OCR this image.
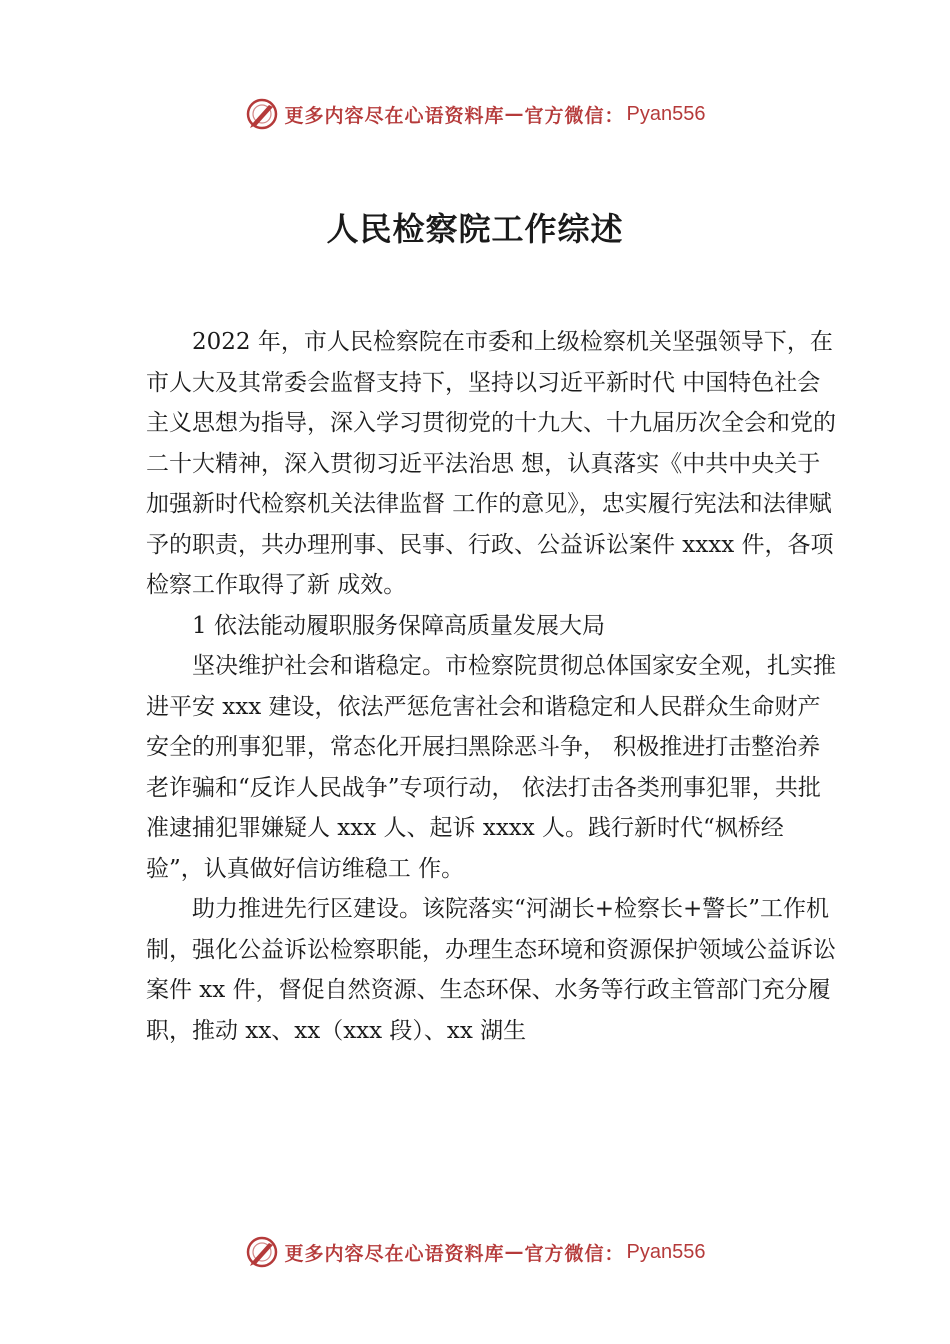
更多内容尽在心语资料库 — 官方微信： Pyan556
人民检察院工作综述

2022 年，市人民检察院在市委和上级检察机关坚强领导下，在市人大及其常委会监督支持下，坚持以习近平新时代 中国特色社会主义思想为指导，深入学习贯彻党的十九大、十九届历次全会和党的二十大精神，深入贯彻习近平法治思 想，认真落实《中共中央关于加强新时代检察机关法律监督 工作的意见》，忠实履行宪法和法律赋予的职责，共办理刑事、民事、行政、公益诉讼案件 xxxx 件，各项检察工作取得了新 成效。

1 依法能动履职服务保障高质量发展大局

坚决维护社会和谐稳定。市检察院贯彻总体国家安全观，扎实推进平安 xxx 建设，依法严惩危害社会和谐稳定和人民群众生命财产安全的刑事犯罪，常态化开展扫黑除恶斗争， 积极推进打击整治养老诈骗和“反诈人民战争”专项行动， 依法打击各类刑事犯罪，共批准逮捕犯罪嫌疑人 xxx 人、起诉 xxxx 人。践行新时代“枫桥经验”，认真做好信访维稳工 作。

助力推进先行区建设。该院落实“河湖长+检察长+警长”工作机制，强化公益诉讼检察职能，办理生态环境和资源保护领域公益诉讼案件 xx 件，督促自然资源、生态环保、水务等行政主管部门充分履职，推动 xx、xx（xxx 段）、xx 湖生

更多内容尽在心语资料库 — 官方微信： Pyan556
